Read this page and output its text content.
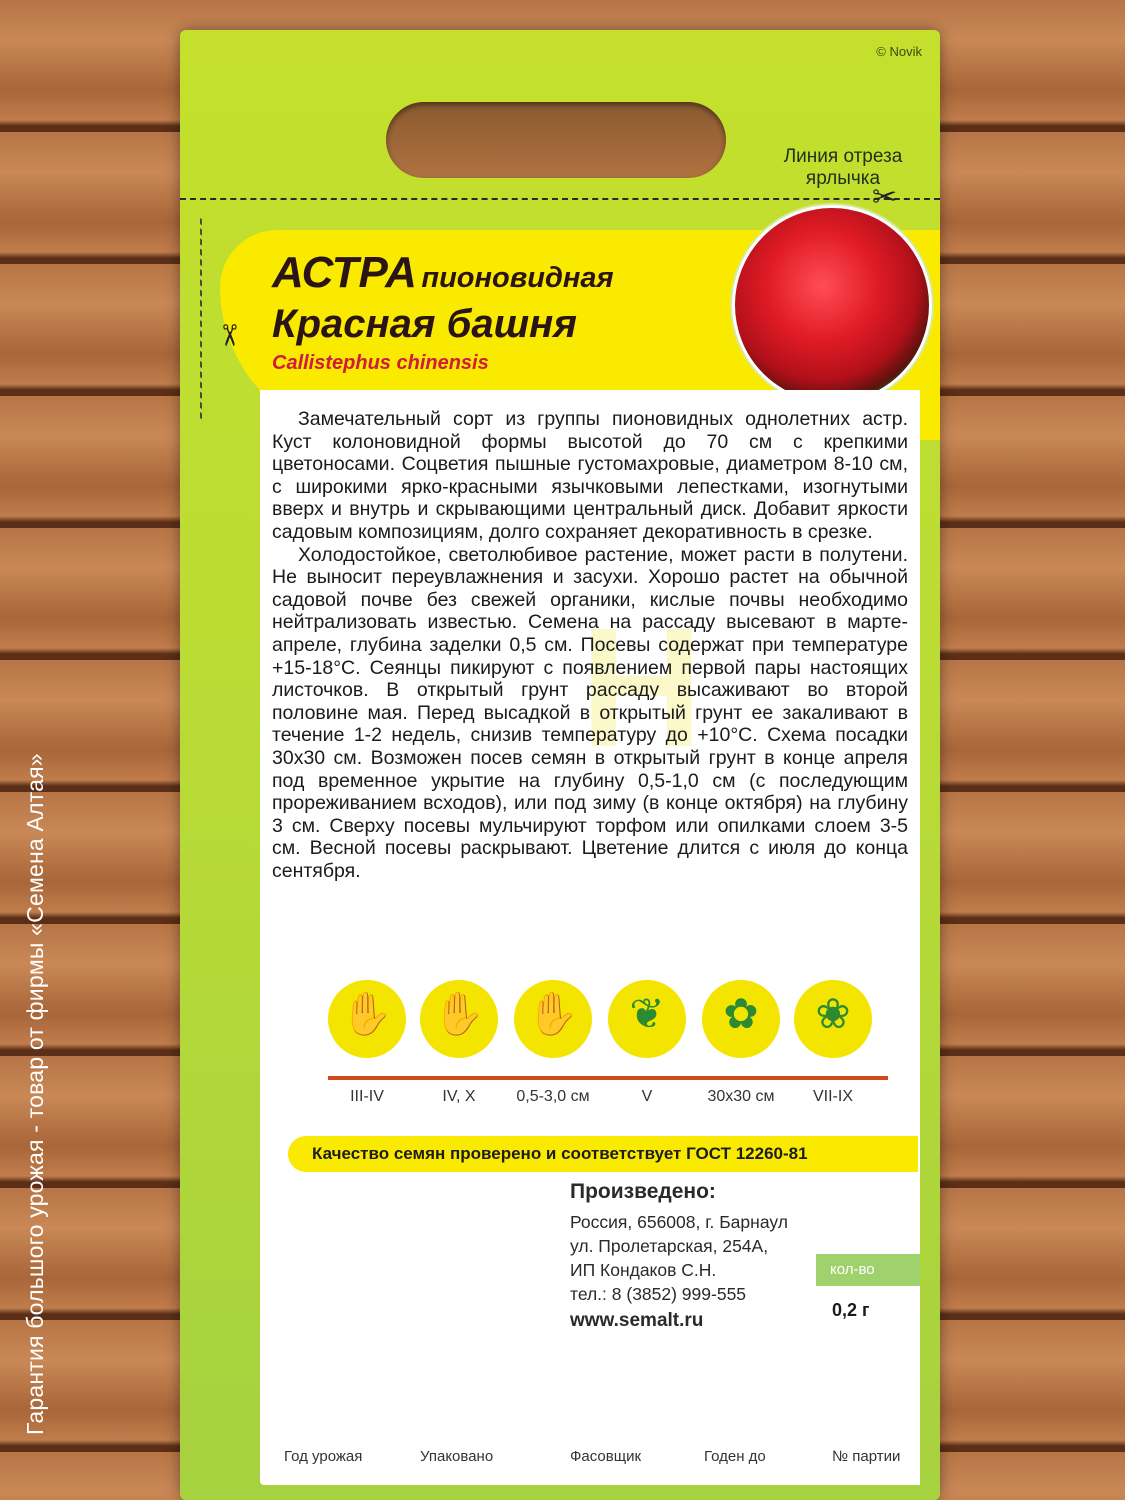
© Novik
Линия отреза ярлычка
✂
✂
АСТРА пионовидная
Красная башня
Callistephus chinensis
Н

Замечательный сорт из группы пионовидных однолетних астр. Куст колоновидной формы высотой до 70 см с крепкими цветоносами. Соцветия пышные густомахровые, диаметром 8-10 см, с широкими ярко-красными язычковыми лепестками, изогнутыми вверх и внутрь и скрывающими центральный диск. Добавит яркости садовым композициям, долго сохраняет декоративность в срезке.

Холодостойкое, светолюбивое растение, может расти в полутени. Не выносит переувлажнения и засухи. Хорошо растет на обычной садовой почве без свежей органики, кислые почвы необходимо нейтрализовать известью. Семена на рассаду высевают в марте-апреле, глубина заделки 0,5 см. Посевы содержат при температуре +15-18°С. Сеянцы пикируют с появлением первой пары настоящих листочков. В открытый грунт рассаду высаживают во второй половине мая. Перед высадкой в открытый грунт ее закаливают в течение 1-2 недель, снизив температуру до +10°С. Схема посадки 30х30 см. Возможен посев семян в открытый грунт в конце апреля под временное укрытие на глубину 0,5-1,0 см (с последующим прореживанием всходов), или под зиму (в конце октября) на глубину 3 см. Сверху посевы мульчируют торфом или опилками слоем 3-5 см. Весной посевы раскрывают. Цветение длится с июля до конца сентября.

✋ ✋ ✋	❦	✿	❀
III-IV	IV, X	0,5-3,0 см	V	30х30 см	VII-IX
Качество семян проверено и соответствует ГОСТ 12260-81
Произведено:
Россия, 656008, г. Барнаул
ул. Пролетарская, 254А,
ИП Кондаков С.Н.
тел.: 8 (3852) 999-555
www.semalt.ru
кол-во
0,2 г
Год урожая	Упаковано	Фасовщик	Годен до	№ партии
Гарантия большого урожая - товар от фирмы «Семена Алтая»
